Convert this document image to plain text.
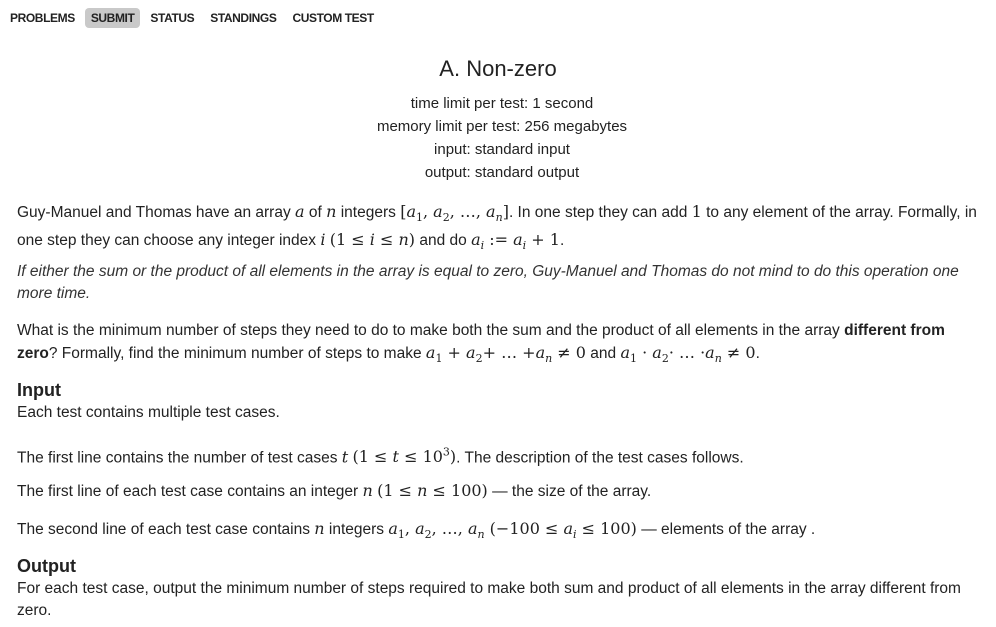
PROBLEMS	SUBMIT	STATUS	STANDINGS	CUSTOM TEST
A. Non-zero
time limit per test: 1 second
memory limit per test: 256 megabytes
input: standard input
output: standard output
Guy-Manuel and Thomas have an array a of n integers [$a_1$, $a_2$, …, $a_n$]. In one step they can add 1 to any element of the array. Formally, in one step they can choose any integer index i (1 ≤ i ≤ n) and do $a_i$ := $a_i + 1$.
If either the sum or the product of all elements in the array is equal to zero, Guy-Manuel and Thomas do not mind to do this operation one more time.
What is the minimum number of steps they need to do to make both the sum and the product of all elements in the array different from zero? Formally, find the minimum number of steps to make $a_1 + a_2+$ … $+a_n \ne 0$ and $a_1 \cdot a_2\cdot$ … $\cdot a_n \ne 0$.
Input
Each test contains multiple test cases.
The first line contains the number of test cases t $(1 \le t \le 10^3)$. The description of the test cases follows.
The first line of each test case contains an integer n (1 ≤ n ≤ 100) — the size of the array.
The second line of each test case contains n integers $a_1$, $a_2$, …, $a_n$ $(-100 \le a_i \le 100)$ — elements of the array .
Output
For each test case, output the minimum number of steps required to make both sum and product of all elements in the array different from zero.
